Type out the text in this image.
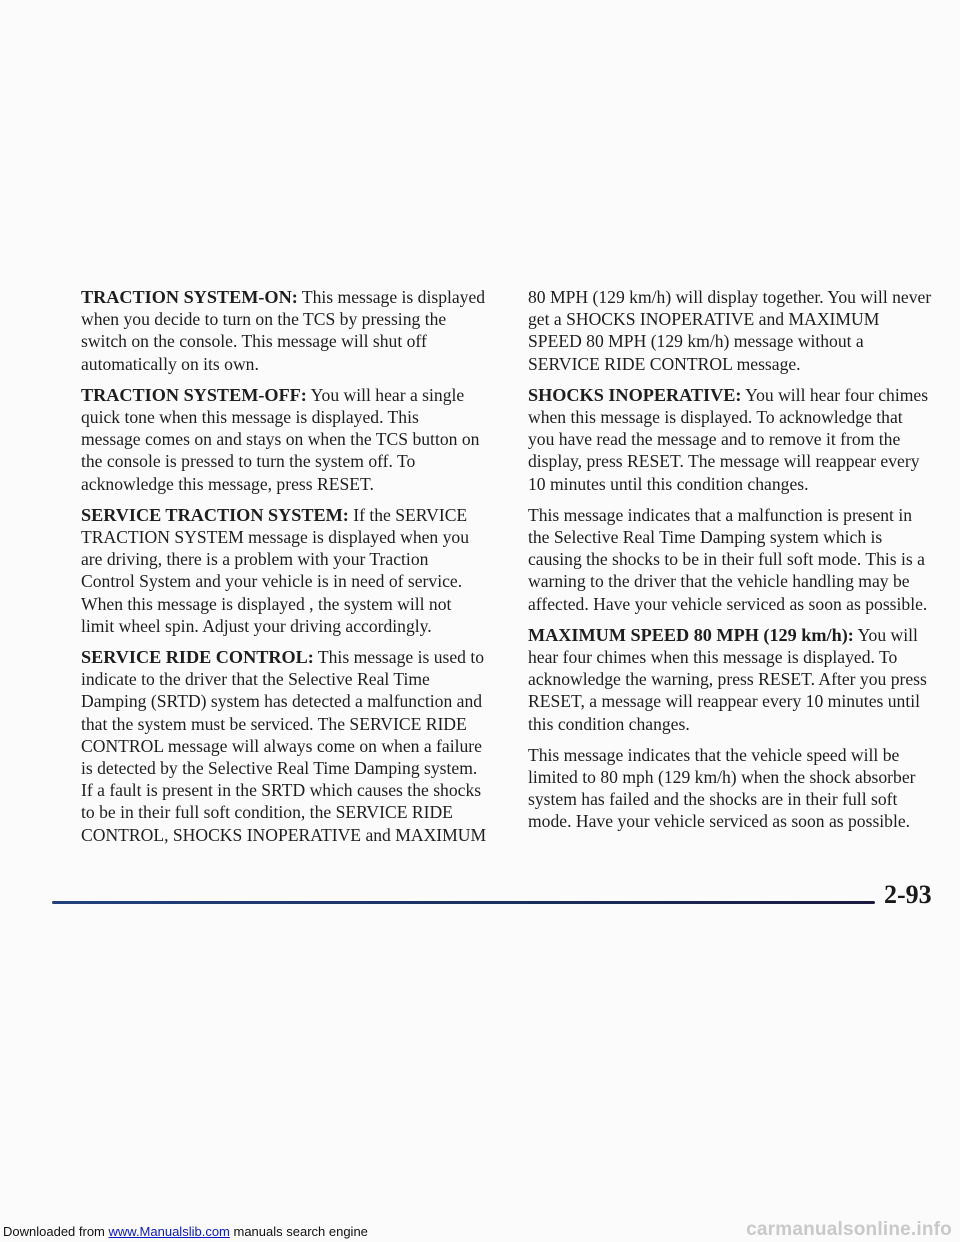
TRACTION SYSTEM-ON: This message is displayed
when you decide to turn on the TCS by pressing the
switch on the console. This message will shut off
automatically on its own.

TRACTION SYSTEM-OFF: You will hear a single
quick tone when this message is displayed. This
message comes on and stays on when the TCS button on
the console is pressed to turn the system off. To
acknowledge this message, press RESET.

SERVICE TRACTION SYSTEM: If the SERVICE
TRACTION SYSTEM message is displayed when you
are driving, there is a problem with your Traction
Control System and your vehicle is in need of service.
When this message is displayed , the system will not
limit wheel spin. Adjust your driving accordingly.

SERVICE RIDE CONTROL: This message is used to
indicate to the driver that the Selective Real Time
Damping (SRTD) system has detected a malfunction and
that the system must be serviced. The SERVICE RIDE
CONTROL message will always come on when a failure
is detected by the Selective Real Time Damping system.
If a fault is present in the SRTD which causes the shocks
to be in their full soft condition, the SERVICE RIDE
CONTROL, SHOCKS INOPERATIVE and MAXIMUM

80 MPH (129 km/h) will display together. You will never
get a SHOCKS INOPERATIVE and MAXIMUM
SPEED 80 MPH (129 km/h) message without a
SERVICE RIDE CONTROL message.

SHOCKS INOPERATIVE: You will hear four chimes
when this message is displayed. To acknowledge that
you have read the message and to remove it from the
display, press RESET. The message will reappear every
10 minutes until this condition changes.

This message indicates that a malfunction is present in
the Selective Real Time Damping system which is
causing the shocks to be in their full soft mode. This is a
warning to the driver that the vehicle handling may be
affected. Have your vehicle serviced as soon as possible.

MAXIMUM SPEED 80 MPH (129 km/h): You will
hear four chimes when this message is displayed. To
acknowledge the warning, press RESET. After you press
RESET, a message will reappear every 10 minutes until
this condition changes.

This message indicates that the vehicle speed will be
limited to 80 mph (129 km/h) when the shock absorber
system has failed and the shocks are in their full soft
mode. Have your vehicle serviced as soon as possible.

2-93
Downloaded from www.Manualslib.com manuals search engine	carmanualsonline.info
